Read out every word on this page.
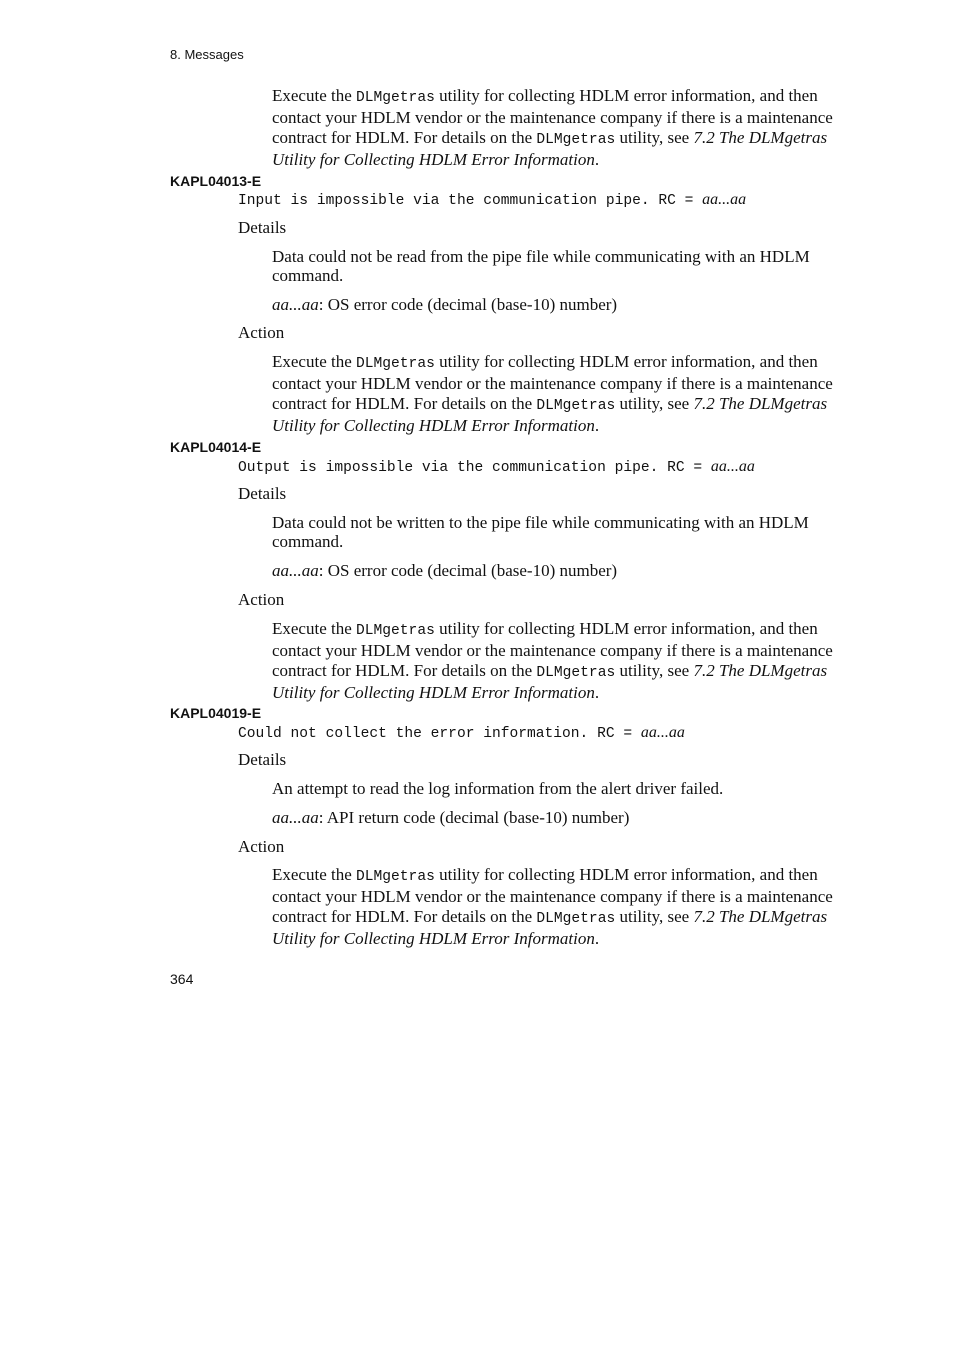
8. Messages

Execute the DLMgetras utility for collecting HDLM error information, and then contact your HDLM vendor or the maintenance company if there is a maintenance contract for HDLM. For details on the DLMgetras utility, see 7.2 The DLMgetras Utility for Collecting HDLM Error Information.

KAPL04013-E
Input is impossible via the communication pipe. RC = aa...aa
Details

Data could not be read from the pipe file while communicating with an HDLM command.

aa...aa: OS error code (decimal (base-10) number)

Action

Execute the DLMgetras utility for collecting HDLM error information, and then contact your HDLM vendor or the maintenance company if there is a maintenance contract for HDLM. For details on the DLMgetras utility, see 7.2 The DLMgetras Utility for Collecting HDLM Error Information.

KAPL04014-E
Output is impossible via the communication pipe. RC = aa...aa
Details

Data could not be written to the pipe file while communicating with an HDLM command.

aa...aa: OS error code (decimal (base-10) number)

Action

Execute the DLMgetras utility for collecting HDLM error information, and then contact your HDLM vendor or the maintenance company if there is a maintenance contract for HDLM. For details on the DLMgetras utility, see 7.2 The DLMgetras Utility for Collecting HDLM Error Information.

KAPL04019-E
Could not collect the error information. RC = aa...aa
Details

An attempt to read the log information from the alert driver failed.

aa...aa: API return code (decimal (base-10) number)

Action

Execute the DLMgetras utility for collecting HDLM error information, and then contact your HDLM vendor or the maintenance company if there is a maintenance contract for HDLM. For details on the DLMgetras utility, see 7.2 The DLMgetras Utility for Collecting HDLM Error Information.

364
